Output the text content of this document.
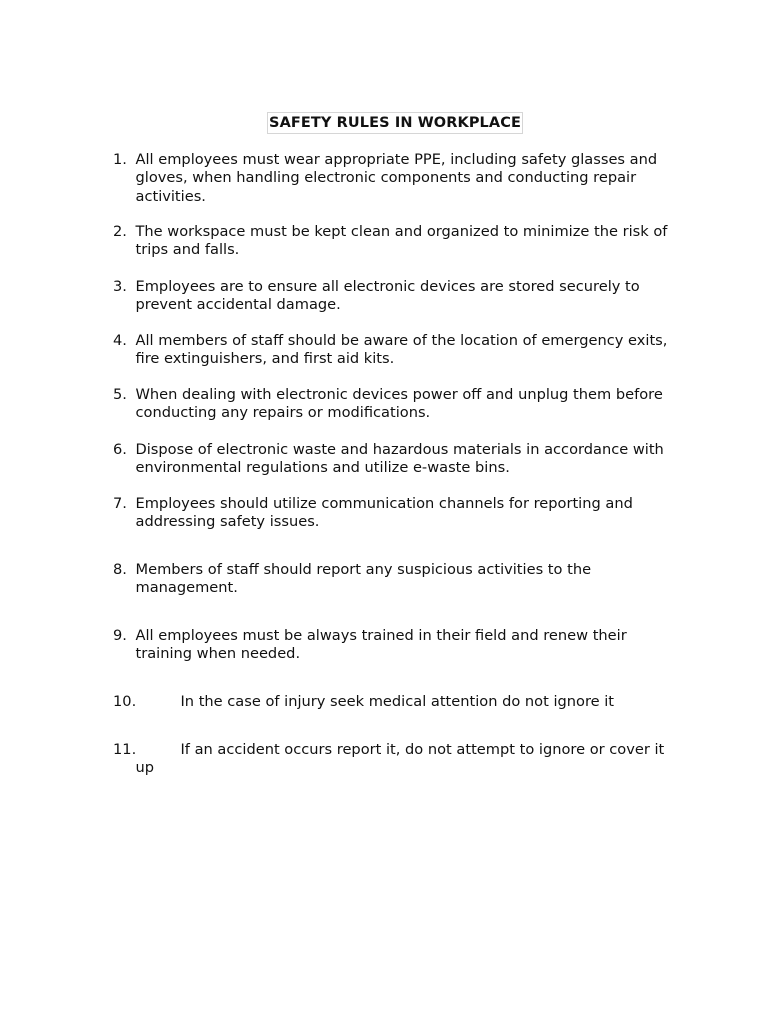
SAFETY RULES IN WORKPLACE
1. All employees must wear appropriate PPE, including safety glasses and gloves, when handling electronic components and conducting repair activities.
2. The workspace must be kept clean and organized to minimize the risk of trips and falls.
3. Employees are to ensure all electronic devices are stored securely to prevent accidental damage.
4. All members of staff should be aware of the location of emergency exits, fire extinguishers, and first aid kits.
5. When dealing with electronic devices power off and unplug them before conducting any repairs or modifications.
6. Dispose of electronic waste and hazardous materials in accordance with environmental regulations and utilize e-waste bins.
7. Employees should utilize communication channels for reporting and addressing safety issues.
8. Members of staff should report any suspicious activities to the management.
9. All employees must be always trained in their field and renew their training when needed.
10.	In the case of injury seek medical attention do not ignore it
11.	If an accident occurs report it, do not attempt to ignore or cover it up
